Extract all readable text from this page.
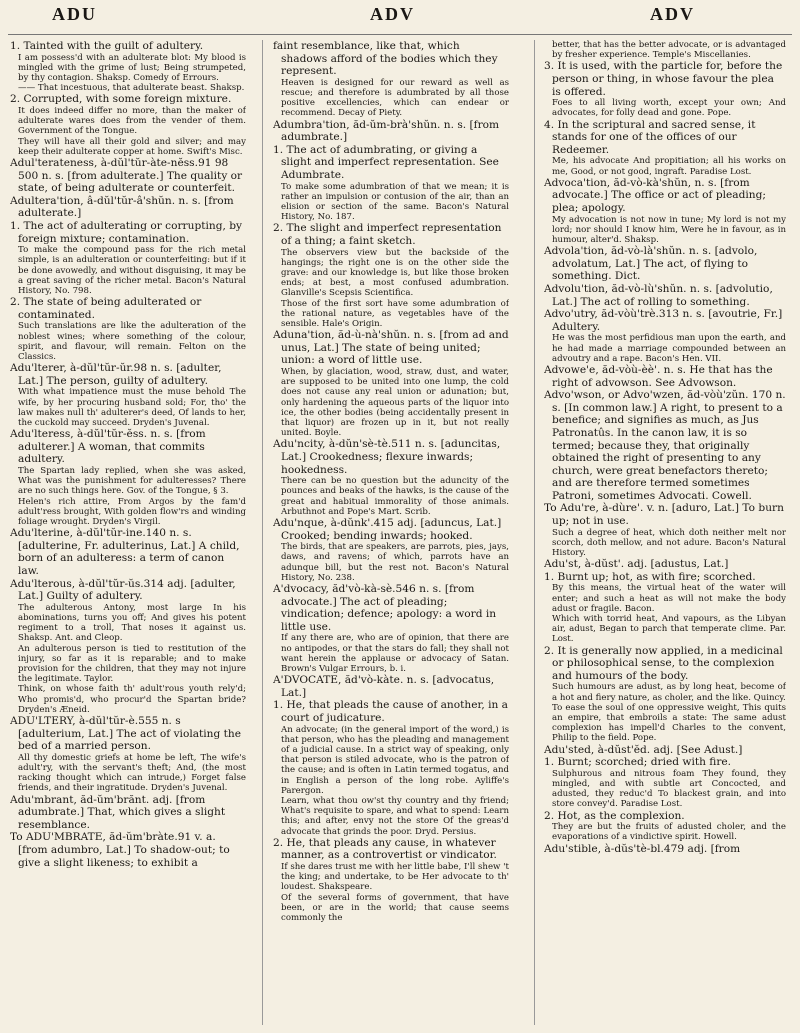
ADU	ADV	ADV

1. Tainted with the guilt of adultery.

I am possess'd with an adulterate blot: My blood is mingled with the grime of lust; Being strumpeted, by thy contagion. Shaksp. Comedy of Errours.

—— That incestuous, that adulterate beast. Shaksp.

2. Corrupted, with some foreign mixture.

It does indeed differ no more, than the maker of adulterate wares does from the vender of them. Government of the Tongue.

They will have all their gold and silver; and may keep their adulterate copper at home. Swift's Misc.

Adul'terateness, à-dŭl'tŭr-àte-nĕss.91 98 500 n. s. [from adulterate.] The quality or state, of being adulterate or counterfeit.

Adultera'tion, â-dŭl'tŭr-â'shŭn. n. s. [from adulterate.]

1. The act of adulterating or corrupting, by foreign mixture; contamination.

To make the compound pass for the rich metal simple, is an adulteration or counterfeiting: but if it be done avowedly, and without disguising, it may be a great saving of the richer metal. Bacon's Natural History, No. 798.

2. The state of being adulterated or contaminated.

Such translations are like the adulteration of the noblest wines; where something of the colour, spirit, and flavour, will remain. Felton on the Classics.

Adu'lterer, à-dŭl'tŭr-ŭr.98 n. s. [adulter, Lat.] The person, guilty of adultery.

With what impatience must the muse behold The wife, by her procuring husband sold; For, tho' the law makes null th' adulterer's deed, Of lands to her, the cuckold may succeed. Dryden's Juvenal.

Adu'lteress, à-dŭl'tŭr-ĕss. n. s. [from adulterer.] A woman, that commits adultery.

The Spartan lady replied, when she was asked, What was the punishment for adulteresses? There are no such things here. Gov. of the Tongue, § 3.

Helen's rich attire, From Argos by the fam'd adult'ress brought, With golden flow'rs and winding foliage wrought. Dryden's Virgil.

Adu'lterine, à-dŭl'tŭr-ine.140 n. s. [adulterine, Fr. adulterinus, Lat.] A child, born of an adulteress: a term of canon law.

Adu'lterous, à-dŭl'tŭr-ŭs.314 adj. [adulter, Lat.] Guilty of adultery.

The adulterous Antony, most large In his abominations, turns you off; And gives his potent regiment to a troll, That noses it against us. Shaksp. Ant. and Cleop.

An adulterous person is tied to restitution of the injury, so far as it is reparable; and to make provision for the children, that they may not injure the legitimate. Taylor.

Think, on whose faith th' adult'rous youth rely'd; Who promis'd, who procur'd the Spartan bride? Dryden's Æneid.

ADU'LTERY, à-dŭl'tŭr-è.555 n. s [adulterium, Lat.] The act of violating the bed of a married person.

All thy domestic griefs at home be left, The wife's adult'ry, with the servant's theft; And, (the most racking thought which can intrude,) Forget false friends, and their ingratitude. Dryden's Juvenal.

Adu'mbrant, ăd-ŭm'brănt. adj. [from adumbrate.] That, which gives a slight resemblance.

To ADU'MBRATE, ăd-ŭm'bràte.91 v. a. [from adumbro, Lat.] To shadow-out; to give a slight likeness; to exhibit a

faint resemblance, like that, which shadows afford of the bodies which they represent.

Heaven is designed for our reward as well as rescue; and therefore is adumbrated by all those positive excellencies, which can endear or recommend. Decay of Piety.

Adumbra'tion, ăd-ŭm-brà'shŭn. n. s. [from adumbrate.]

1. The act of adumbrating, or giving a slight and imperfect representation. See Adumbrate.

To make some adumbration of that we mean; it is rather an impulsion or contusion of the air, than an elision or section of the same. Bacon's Natural History, No. 187.

2. The slight and imperfect representation of a thing; a faint sketch.

The observers view but the backside of the hangings; the right one is on the other side the grave: and our knowledge is, but like those broken ends; at best, a most confused adumbration. Glanville's Scepsis Scientifica.

Those of the first sort have some adumbration of the rational nature, as vegetables have of the sensible. Hale's Origin.

Aduna'tion, ăd-ù-nà'shŭn. n. s. [from ad and unus, Lat.] The state of being united; union: a word of little use.

When, by glaciation, wood, straw, dust, and water, are supposed to be united into one lump, the cold does not cause any real union or adunation; but, only hardening the aqueous parts of the liquor into ice, the other bodies (being accidentally present in that liquor) are frozen up in it, but not really united. Boyle.

Adu'ncity, à-dŭn'sè-tè.511 n. s. [aduncitas, Lat.] Crookedness; flexure inwards; hookedness.

There can be no question but the aduncity of the pounces and beaks of the hawks, is the cause of the great and habitual immorality of those animals. Arbuthnot and Pope's Mart. Scrib.

Adu'nque, à-dŭnk'.415 adj. [aduncus, Lat.] Crooked; bending inwards; hooked.

The birds, that are speakers, are parrots, pies, jays, daws, and ravens; of which, parrots have an adunque bill, but the rest not. Bacon's Natural History, No. 238.

A'dvocacy, ăd'vò-kà-sè.546 n. s. [from advocate.] The act of pleading; vindication; defence; apology: a word in little use.

If any there are, who are of opinion, that there are no antipodes, or that the stars do fall; they shall not want herein the applause or advocacy of Satan. Brown's Vulgar Errours, b. i.

A'DVOCATE, ăd'vò-kàte. n. s. [advocatus, Lat.]

1. He, that pleads the cause of another, in a court of judicature.

An advocate; (in the general import of the word,) is that person, who has the pleading and management of a judicial cause. In a strict way of speaking, only that person is stiled advocate, who is the patron of the cause; and is often in Latin termed togatus, and in English a person of the long robe. Ayliffe's Parergon.

Learn, what thou ow'st thy country and thy friend; What's requisite to spare, and what to spend: Learn this; and after, envy not the store Of the greas'd advocate that grinds the poor. Dryd. Persius.

2. He, that pleads any cause, in whatever manner, as a controvertist or vindicator.

If she dares trust me with her little babe, I'll shew 't the king; and undertake, to be Her advocate to th' loudest. Shakspeare.

Of the several forms of government, that have been, or are in the world; that cause seems commonly the

better, that has the better advocate, or is advantaged by fresher experience. Temple's Miscellanies.

3. It is used, with the particle for, before the person or thing, in whose favour the plea is offered.

Foes to all living worth, except your own; And advocates, for folly dead and gone. Pope.

4. In the scriptural and sacred sense, it stands for one of the offices of our Redeemer.

Me, his advocate And propitiation; all his works on me, Good, or not good, ingraft. Paradise Lost.

Advoca'tion, ăd-vò-kà'shŭn, n. s. [from advocate.] The office or act of pleading; plea; apology.

My advocation is not now in tune; My lord is not my lord; nor should I know him, Were he in favour, as in humour, alter'd. Shaksp.

Advola'tion, ăd-vò-là'shŭn. n. s. [advolo, advolatum, Lat.] The act, of flying to something. Dict.

Advolu'tion, ăd-vò-lù'shŭn. n. s. [advolutio, Lat.] The act of rolling to something.

Advo'utry, ăd-vòù'trè.313 n. s. [avoutrie, Fr.] Adultery.

He was the most perfidious man upon the earth, and he had made a marriage compounded between an advoutry and a rape. Bacon's Hen. VII.

Advowe'e, ăd-vòù-èè'. n. s. He that has the right of advowson. See Advowson.

Advo'wson, or Advo'wzen, ăd-vòù'zŭn. 170 n. s. [In common law.] A right, to present to a benefice; and signifies as much, as Jus Patronatûs. In the canon law, it is so termed; because they, that originally obtained the right of presenting to any church, were great benefactors thereto; and are therefore termed sometimes Patroni, sometimes Advocati. Cowell.

To Adu're, à-dùre'. v. n. [aduro, Lat.] To burn up; not in use.

Such a degree of heat, which doth neither melt nor scorch, doth mellow, and not adure. Bacon's Natural History.

Adu'st, à-dŭst'. adj. [adustus, Lat.]

1. Burnt up; hot, as with fire; scorched.

By this means, the virtual heat of the water will enter; and such a heat as will not make the body adust or fragile. Bacon.

Which with torrid heat, And vapours, as the Libyan air, adust, Began to parch that temperate clime. Par. Lost.

2. It is generally now applied, in a medicinal or philosophical sense, to the complexion and humours of the body.

Such humours are adust, as by long heat, become of a hot and fiery nature, as choler, and the like. Quincy.

To ease the soul of one oppressive weight, This quits an empire, that embroils a state: The same adust complexion has impell'd Charles to the convent, Philip to the field. Pope.

Adu'sted, à-dŭst'ĕd. adj. [See Adust.]

1. Burnt; scorched; dried with fire.

Sulphurous and nitrous foam They found, they mingled, and with subtle art Concocted, and adusted, they reduc'd To blackest grain, and into store convey'd. Paradise Lost.

2. Hot, as the complexion.

They are but the fruits of adusted choler, and the evaporations of a vindictive spirit. Howell.

Adu'stible, à-dŭs'tè-bl.479 adj. [from
